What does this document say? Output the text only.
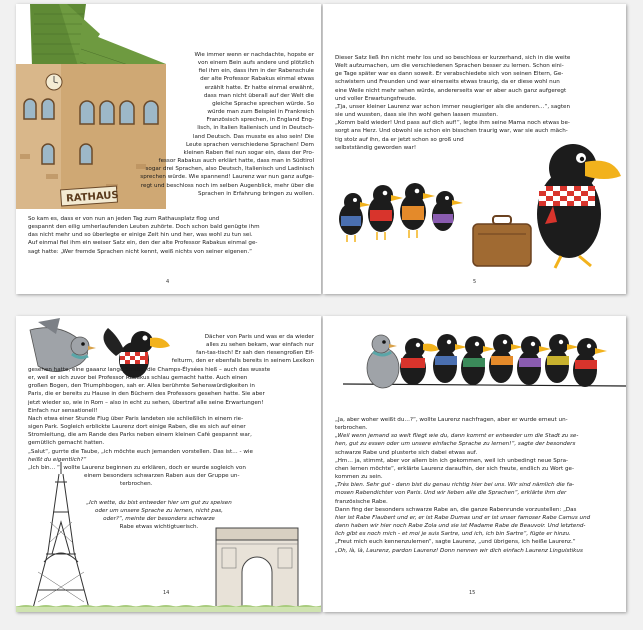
RATHAUS

Wie immer wenn er nachdachte, hopste er

von einem Bein aufs andere und plötzlich

fiel ihm ein, dass ihm in der Rabenschule

der alte Professor Rabakus einmal etwas

erzählt hatte. Er hatte einmal erwähnt,

dass man nicht überall auf der Welt die

gleiche Sprache sprechen würde. So

würde man zum Beispiel in Frankreich

Französisch sprechen, in England Eng-

lisch, in Italien Italienisch und in Deutsch-

land Deutsch. Das musste es also sein! Die

Leute sprachen verschiedene Sprachen! Dem

kleinen Raben fiel nun sogar ein, dass der Pro-

fessor Rabakus auch erklärt hatte, dass man in Südtirol

sogar drei Sprachen, also Deutsch, Italienisch und Ladinisch

sprechen würde. Wie spannend! Laurenz war nun ganz aufge-

regt und beschloss noch im selben Augenblick, mehr über die

Sprachen in Erfahrung bringen zu wollen.

So kam es, dass er von nun an jeden Tag zum Rathausplatz flog und

gespannt den eilig umherlaufenden Leuten zuhörte. Doch schon bald genügte ihm

das nicht mehr und so überlegte er einige Zeit hin und her, was wohl zu tun sei.

Auf einmal fiel ihm ein weiser Satz ein, den der alte Professor Rabakus einmal ge-

sagt hatte: „Wer fremde Sprachen nicht kennt, weiß nichts von seiner eigenen.“

4

Dieser Satz ließ ihn nicht mehr los und so beschloss er kurzerhand, sich in die weite

Welt aufzumachen, um die verschiedenen Sprachen besser zu lernen. Schon eini-

ge Tage später war es dann soweit. Er verabschiedete sich von seinen Eltern, Ge-

schwistern und Freunden und war einerseits etwas traurig, da er diese wohl nun

eine Weile nicht mehr sehen würde, andererseits war er aber auch ganz aufgeregt

und voller Erwartungsfreude.

„Tja, unser kleiner Laurenz war schon immer neugieriger als die anderen…“, sagten

sie und wussten, dass sie ihn wohl gehen lassen mussten.

„Komm bald wieder! Und pass auf dich auf!“, legte ihm seine Mama noch etwas be-

sorgt ans Herz. Und obwohl sie schon ein bisschen traurig war, war sie auch mäch-

tig stolz auf ihn, da er jetzt schon so groß und

selbstständig geworden war!

5

Dächer von Paris und was er da wieder

alles zu sehen bekam, war einfach nur

fan-tas-tisch! Er sah den riesengroßen Eif-

felturm, den er ebenfalls bereits in seinem Lexikon

gesehen hatte, eine gaaanz lange Straße, die Champs-Élysées hieß – auch das wusste

er, weil er sich zuvor bei Professor Rabakus schlau gemacht hatte. Auch einen

großen Bogen, den Triumphbogen, sah er. Alles berühmte Sehenswürdigkeiten in

Paris, die er bereits zu Hause in den Büchern des Professors gesehen hatte. Sie aber

jetzt wieder so, wie in Rom – also in echt zu sehen, übertraf alle seine Erwartungen!

Einfach nur sensationell!

Nach etwa einer Stunde Flug über Paris landeten sie schließlich in einem rie-

sigen Park. Sogleich erblickte Laurenz dort einige Raben, die es sich auf einer

Stromleitung, die am Rande des Parks neben einem kleinen Café gespannt war,

gemütlich gemacht hatten.

„Salut“, gurrte die Taube, „ich möchte euch jemanden vorstellen. Das ist… - wie

heißt du eigentlich?“

„Ich bin… “, wollte Laurenz beginnen zu erklären, doch er wurde sogleich von

einem besonders schwarzen Raben aus der Gruppe un-

terbrochen.

„Ich wette, du bist entweder hier um gut zu speisen

oder um unsere Sprache zu lernen, nicht pas,

oder?“, meinte der besonders schwarze

Rabe etwas wichtigtuerisch.

14

„Ja, aber woher weißt du…?“, wollte Laurenz nachfragen, aber er wurde erneut un-

terbrochen.

„Weil wenn jemand so weit fliegt wie du, dann kommt er entweder um die Stadt zu se-

hen, gut zu essen oder um unsere einfache Sprache zu lernen!“, sagte der besonders

schwarze Rabe und plusterte sich dabei etwas auf.

„Hm… ja, stimmt, aber vor allem bin ich gekommen, weil ich unbedingt neue Spra-

chen lernen möchte“, erklärte Laurenz daraufhin, der sich freute, endlich zu Wort ge-

kommen zu sein.

„Très bien. Sehr gut - dann bist du genau richtig hier bei uns. Wir sind nämlich die fa-

mosen Rabendichter von Paris. Und wir lieben alle die Sprachen“, erklärte ihm der

französische Rabe.

Dann fing der besonders schwarze Rabe an, die ganze Rabenrunde vorzustellen: „Das

hier ist Rabe Flaubert und er, er ist Rabe Dumas und er ist unser famoser Rabe Camus und

dann haben wir hier noch Rabe Zola und sie ist Madame Rabe de Beauvoir. Und letztend-

lich gibt es noch mich - et moi je suis Sartre, und ich, ich bin Sartre“, fügte er hinzu.

„Freut mich euch kennenzulernen“, sagte Laurenz, „und übrigens, ich heiße Laurenz.“

„Oh, là, là, Laurenz, pardon Laurenz! Donn nennen wir dich einfach Laurenz Linguistikus

15
